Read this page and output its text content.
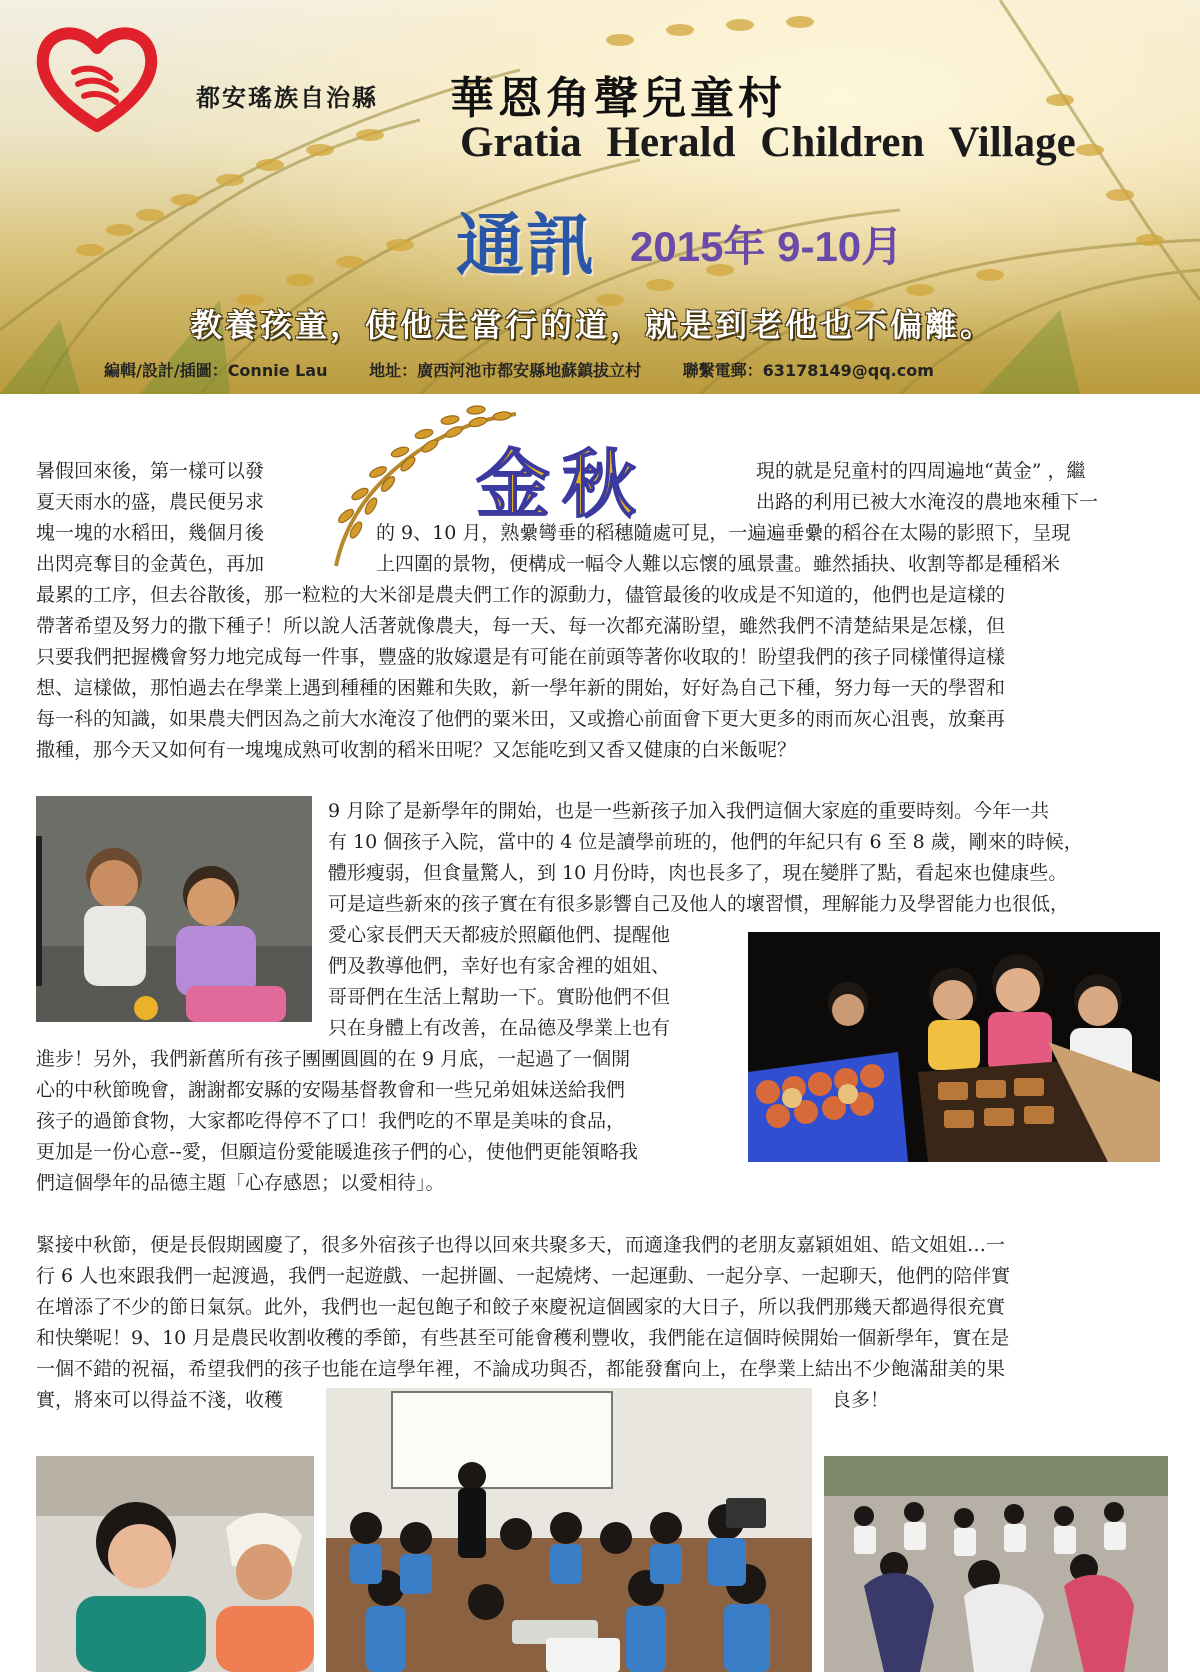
都安瑤族自治縣 華恩角聲兒童村
Gratia Herald Children Village
通訊 2015年 9-10月
教養孩童，使他走當行的道，就是到老他也不偏離。
編輯/設計/插圖：Connie Lau	地址：廣西河池市都安縣地蘇鎮拔立村	聯繫電郵：631781​49@qq.com
金秋
暑假回來後，第一樣可以發	現的就是兒童村的四周遍地“黃金” ，繼
夏天雨水的盛，農民便另求	出路的利用已被大水淹沒的農地來種下一
塊一塊的水稻田，幾個月後	的 9、10 月，熟纍彎垂的稻穗隨處可見，一遍遍垂纍的稻谷在太陽的影照下，呈現
出閃亮奪目的金黃色，再加	上四圍的景物，便構成一幅令人難以忘懷的風景畫。雖然插抉、收割等都是種稻米
最累的工序，但去谷散後，那一粒粒的大米卻是農夫們工作的源動力，儘管最後的收成是不知道的，他們也是這樣的
帶著希望及努力的撒下種子！所以說人活著就像農夫，每一天、每一次都充滿盼望，雖然我們不清楚結果是怎樣，但
只要我們把握機會努力地完成每一件事，豐盛的妝嫁還是有可能在前頭等著你收取的！盼望我們的孩子同樣懂得這樣
想、這樣做，那怕過去在學業上遇到種種的困難和失敗，新一學年新的開始，好好為自己下種，努力每一天的學習和
每一科的知識，如果農夫們因為之前大水淹沒了他們的粟米田，又或擔心前面會下更大更多的雨而灰心沮喪，放棄再
撒種，那今天又如何有一塊塊成熟可收割的稻米田呢？又怎能吃到又香又健康的白米飯呢？
9 月除了是新學年的開始，也是一些新孩子加入我們這個大家庭的重要時刻。今年一共
有 10 個孩子入院，當中的 4 位是讀學前班的，他們的年紀只有 6 至 8 歲，剛來的時候，
體形瘦弱，但食量驚人，到 10 月份時，肉也長多了，現在變胖了點，看起來也健康些。
可是這些新來的孩子實在有很多影響自己及他人的壞習慣，理解能力及學習能力也很低，
愛心家長們天天都疲於照顧他們、提醒他
們及教導他們，幸好也有家舍裡的姐姐、
哥哥們在生活上幫助一下。實盼他們不但
只在身體上有改善，在品德及學業上也有
進步！另外，我們新舊所有孩子團團圓圓的在 9 月底，一起過了一個開
心的中秋節晚會，謝謝都安縣的安陽基督教會和一些兄弟姐妹送給我們
孩子的過節食物，大家都吃得停不了口！我們吃的不單是美味的食品，
更加是一份心意--愛，但願這份愛能暖進孩子們的心，使他們更能領略我
們這個學年的品德主題「心存感恩；以愛相待」。
緊接中秋節，便是長假期國慶了，很多外宿孩子也得以回來共聚多天，而適逢我們的老朋友嘉穎姐姐、皓文姐姐…一
行 6 人也來跟我們一起渡過，我們一起遊戲、一起拼圖、一起燒烤、一起運動、一起分享、一起聊天，他們的陪伴實
在增添了不少的節日氣氛。此外，我們也一起包飽子和餃子來慶祝這個國家的大日子，所以我們那幾天都過得很充實
和快樂呢！9、10 月是農民收割收穫的季節，有些甚至可能會穫利豐收，我們能在這個時候開始一個新學年，實在是
一個不錯的祝福，希望我們的孩子也能在這學年裡，不論成功與否，都能發奮向上，在學業上結出不少飽滿甜美的果
實，將來可以得益不淺，收穫	良多！
